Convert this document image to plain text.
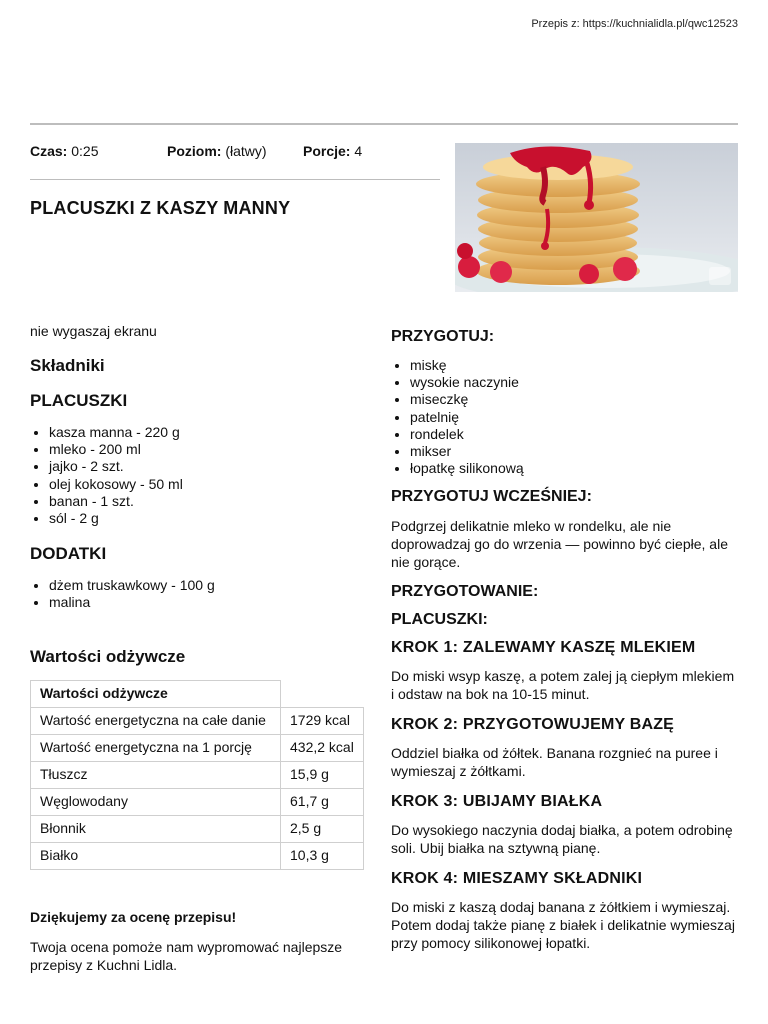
Przepis z: https://kuchnialidla.pl/qwc12523
Czas: 0:25	Poziom: (łatwy)	Porcje: 4
PLACUSZKI Z KASZY MANNY

nie wygaszaj ekranu

Składniki
PLACUSZKI
• kasza manna - 220 g
• mleko - 200 ml
• jajko - 2 szt.
• olej kokosowy - 50 ml
• banan - 1 szt.
• sól - 2 g
DODATKI
• dżem truskawkowy - 100 g
• malina
Wartości odżywcze
Wartości odżywcze	
Wartość energetyczna na całe danie	1729 kcal
Wartość energetyczna na 1 porcję	432,2 kcal
Tłuszcz	15,9 g
Węglowodany	61,7 g
Błonnik	2,5 g
Białko	10,3 g

Dziękujemy za ocenę przepisu!

Twoja ocena pomoże nam wypromować najlepsze przepisy z Kuchni Lidla.

PRZYGOTUJ:
• miskę
• wysokie naczynie
• miseczkę
• patelnię
• rondelek
• mikser
• łopatkę silikonową
PRZYGOTUJ WCZEŚNIEJ:

Podgrzej delikatnie mleko w rondelku, ale nie doprowadzaj go do wrzenia — powinno być ciepłe, ale nie gorące.

PRZYGOTOWANIE:
PLACUSZKI:
KROK 1: ZALEWAMY KASZĘ MLEKIEM

Do miski wsyp kaszę, a potem zalej ją ciepłym mlekiem i odstaw na bok na 10-15 minut.

KROK 2: PRZYGOTOWUJEMY BAZĘ

Oddziel białka od żółtek. Banana rozgnieć na puree i wymieszaj z żółtkami.

KROK 3: UBIJAMY BIAŁKA

Do wysokiego naczynia dodaj białka, a potem odrobinę soli. Ubij białka na sztywną pianę.

KROK 4: MIESZAMY SKŁADNIKI

Do miski z kaszą dodaj banana z żółtkiem i wymieszaj. Potem dodaj także pianę z białek i delikatnie wymieszaj przy pomocy silikonowej łopatki.
